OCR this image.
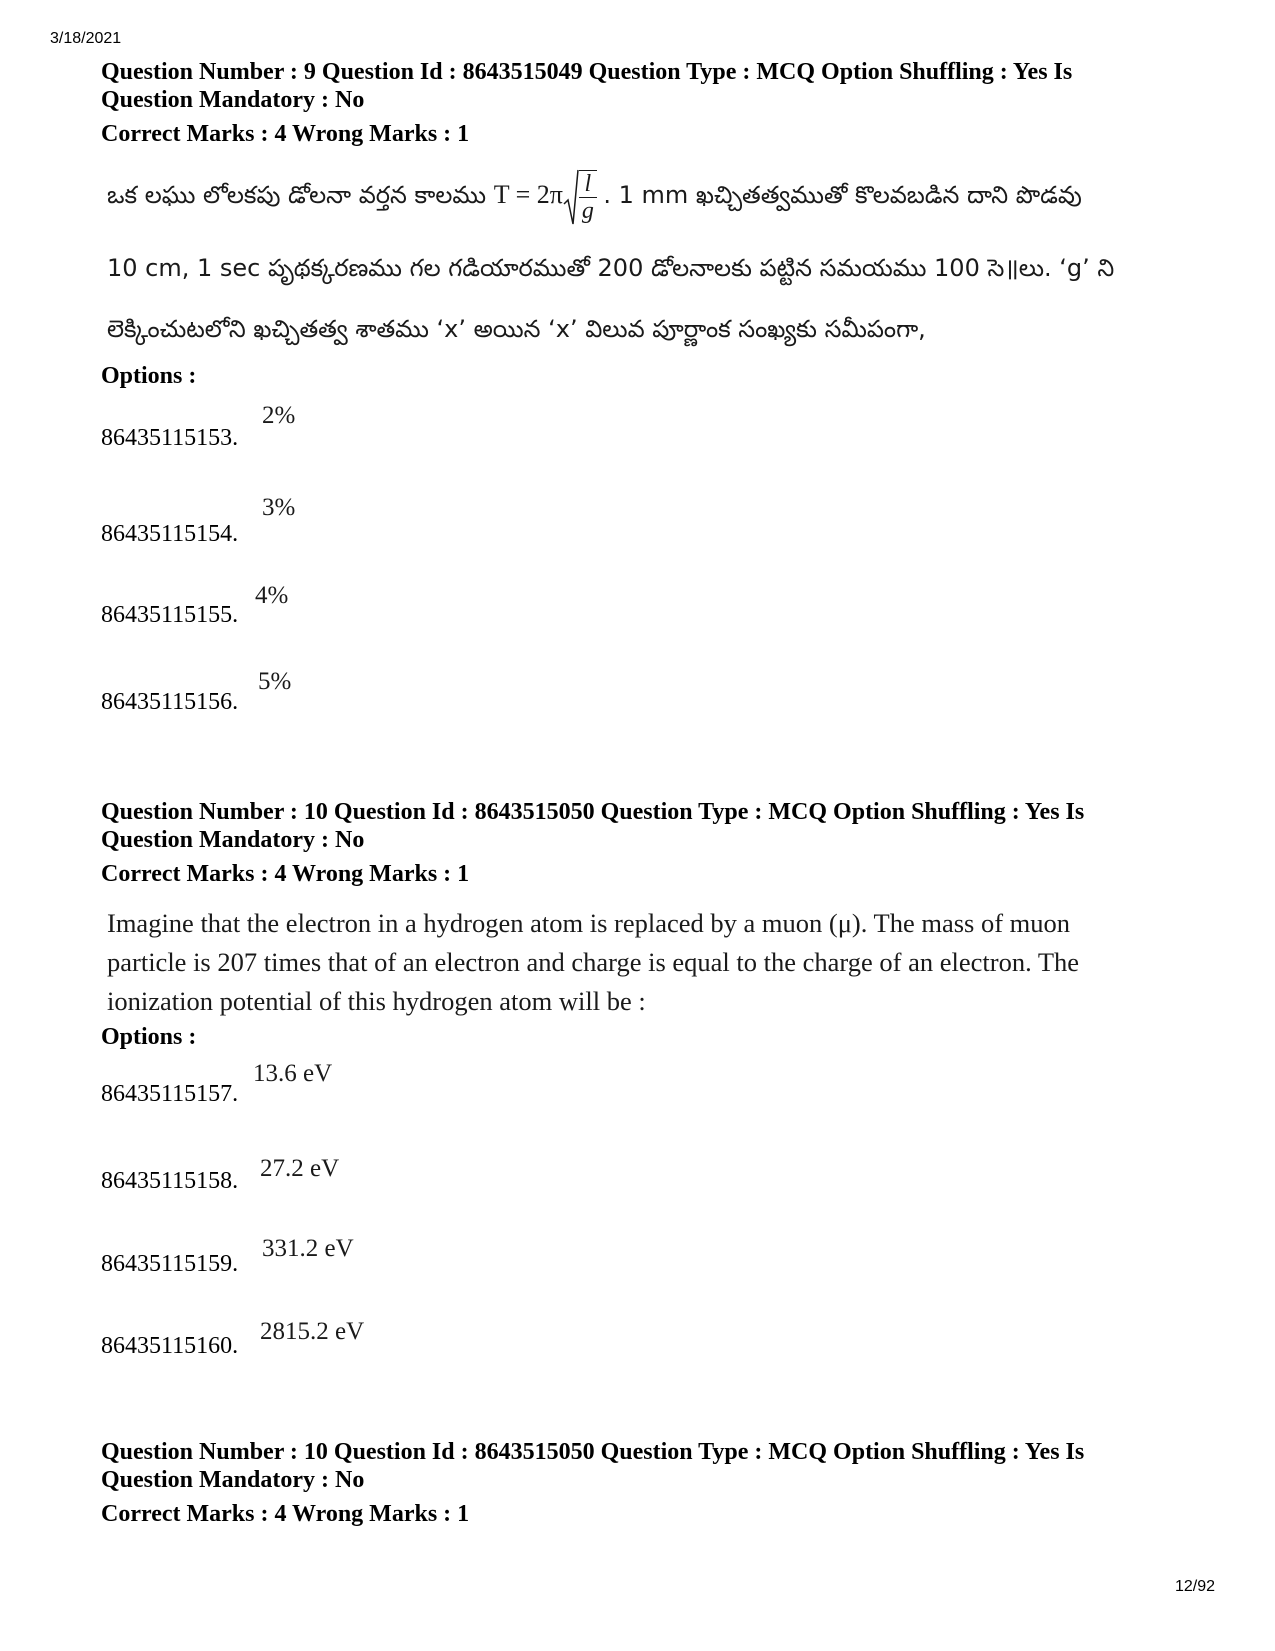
3/18/2021
Question Number : 9 Question Id : 8643515049 Question Type : MCQ Option Shuffling : Yes Is
Question Mandatory : No
Correct Marks : 4 Wrong Marks : 1
ఒక లఘు లోలకపు డోలనా వర్తన కాలము $T = 2\pi \frac{l}{g}$ . 1 mm ఖచ్చితత్వముతో కొలవబడిన దాని పొడవు
10 cm, 1 sec పృథక్కరణము గల గడియారముతో 200 డోలనాలకు పట్టిన సమయము 100 సె॥లు. ‘g’ ని
లెక్కించుటలోని ఖచ్చితత్వ శాతము ‘x’ అయిన ‘x’ విలువ పూర్ణాంక సంఖ్యకు సమీపంగా,
Options :
86435115153.
2%
86435115154.
3%
86435115155.
4%
86435115156.
5%
Question Number : 10 Question Id : 8643515050 Question Type : MCQ Option Shuffling : Yes Is
Question Mandatory : No
Correct Marks : 4 Wrong Marks : 1
Imagine that the electron in a hydrogen atom is replaced by a muon (μ). The mass of muon
particle is 207 times that of an electron and charge is equal to the charge of an electron. The
ionization potential of this hydrogen atom will be :
Options :
86435115157.
13.6 eV
86435115158. 27.2 eV
86435115159.
331.2 eV
86435115160.
2815.2 eV
Question Number : 10 Question Id : 8643515050 Question Type : MCQ Option Shuffling : Yes Is
Question Mandatory : No
Correct Marks : 4 Wrong Marks : 1
12/92
